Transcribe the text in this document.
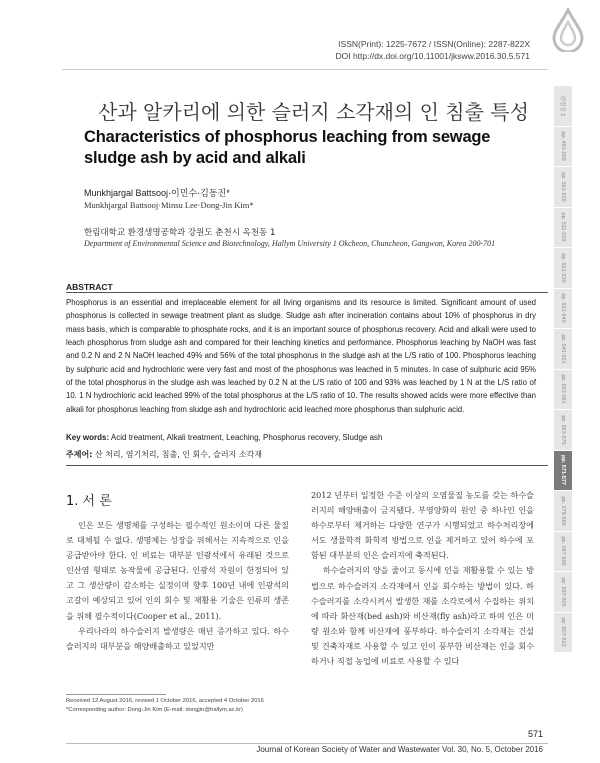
ISSN(Print): 1225-7672 / ISSN(Online): 2287-822X
DOI http://dx.doi.org/10.11001/jksww.2016.30.5.571
산과 알카리에 의한 슬러지 소각재의 인 침출 특성
Characteristics of phosphorus leaching from sewage sludge ash by acid and alkali
Munkhjargal Battsooj·이민수·김동진*
Munkhjargal Battsooj·Minsu Lee·Dong-Jin Kim*
한림대학교 환경생명공학과 강원도 춘천시 옥천동 1
Department of Environmental Science and Biotechnology, Hallym University 1 Okcheon, Chuncheon, Gangwon, Korea 200-701
ABSTRACT
Phosphorus is an essential and irreplaceable element for all living organisms and its resource is limited. Significant amount of used phosphorus is collected in sewage treatment plant as sludge. Sludge ash after incineration contains about 10% of phosphorus in dry mass basis, which is comparable to phosphate rocks, and it is an important source of phosphorus recovery. Acid and alkali were used to leach phosphorus from sludge ash and compared for their leaching kinetics and performance. Phosphorus leaching by NaOH was fast and 0.2 N and 2 N NaOH leached 49% and 56% of the total phosphorus in the sludge ash at the L/S ratio of 100. Phosphorus leaching by sulphuric acid and hydrochloric were very fast and most of the phosphorus was leached in 5 minutes. In case of sulphuric acid 95% of the total phosphorus in the sludge ash was leached by 0.2 N at the L/S ratio of 100 and 93% was leached by 1 N at the L/S ratio of 10. 1 N hydrochloric acid leached 99% of the total phosphorus at the L/S ratio of 10. The results showed acids were more effective than alkali for phosphorus leaching from sludge ash and hydrochloric acid leached more phosphorus than sulphuric acid.
Key words: Acid treatment, Alkali treatment, Leaching, Phosphorus recovery, Sludge ash
주제어: 산 처리, 염기처리, 침출, 인 회수, 슬러지 소각재
1. 서 론

인은 모든 생명체를 구성하는 필수적인 원소이며 다른 물질로 대체될 수 없다. 생명체는 성장을 위해서는 지속적으로 인을 공급받아야 한다. 인 비료는 대부분 인광석에서 유래된 것으로 인산염 형태로 농작물에 공급된다. 인광석 자원이 한정되어 있고 그 생산량이 감소하는 실정이며 향후 100년 내에 인광석의 고갈이 예상되고 있어 인의 회수 및 재활용 기술은 인류의 생존을 위해 필수적이다(Cooper et al., 2011).

우리나라의 하수슬러지 발생량은 매년 증가하고 있다. 하수슬러지의 대부분을 해양배출하고 있었지만

2012 년부터 일정한 수준 이상의 오염물질 농도를 갖는 하수슬러지의 해양배출이 금지됐다. 부영양화의 원인 중 하나인 인을 하수로부터 제거하는 다양한 연구가 시행되었고 하수처리장에서도 생물학적 화학적 방법으로 인을 제거하고 있어 하수에 포함된 대부분의 인은 슬러지에 축적된다.

하수슬러지의 양을 줄이고 동시에 인을 재활용할 수 있는 방법으로 하수슬러지 소각재에서 인을 회수하는 방법이 있다. 하수슬러지를 소각시켜서 발생한 재를 소각로에서 수집하는 위치에 따라 화산재(bed ash)와 비산재(fly ash)라고 하며 인은 미량 원소와 함께 비산재에 풍부하다. 하수슬러지 소각재는 건설 및 건축자재로 사용할 수 있고 인이 풍부한 비산재는 인을 회수하거나 직접 농업에 비료로 사용할 수 있다

Received 12 August 2016, revised 1 October 2016, accepted 4 October 2016
*Corresponding author: Dong-Jin Kim (E-mail: dongjin@hallym.ac.kr)
571
Journal of Korean Society of Water and Wastewater Vol. 30, No. 5, October 2016
편집실 1
pp. 491-500
pp. 501-510
pp. 511-519
pp. 521-530
pp. 531-540
pp. 541-551
pp. 553-561
pp. 563-570
pp. 571-577
pp. 579-586
pp. 587-596
pp. 597-605
pp. 607-612
